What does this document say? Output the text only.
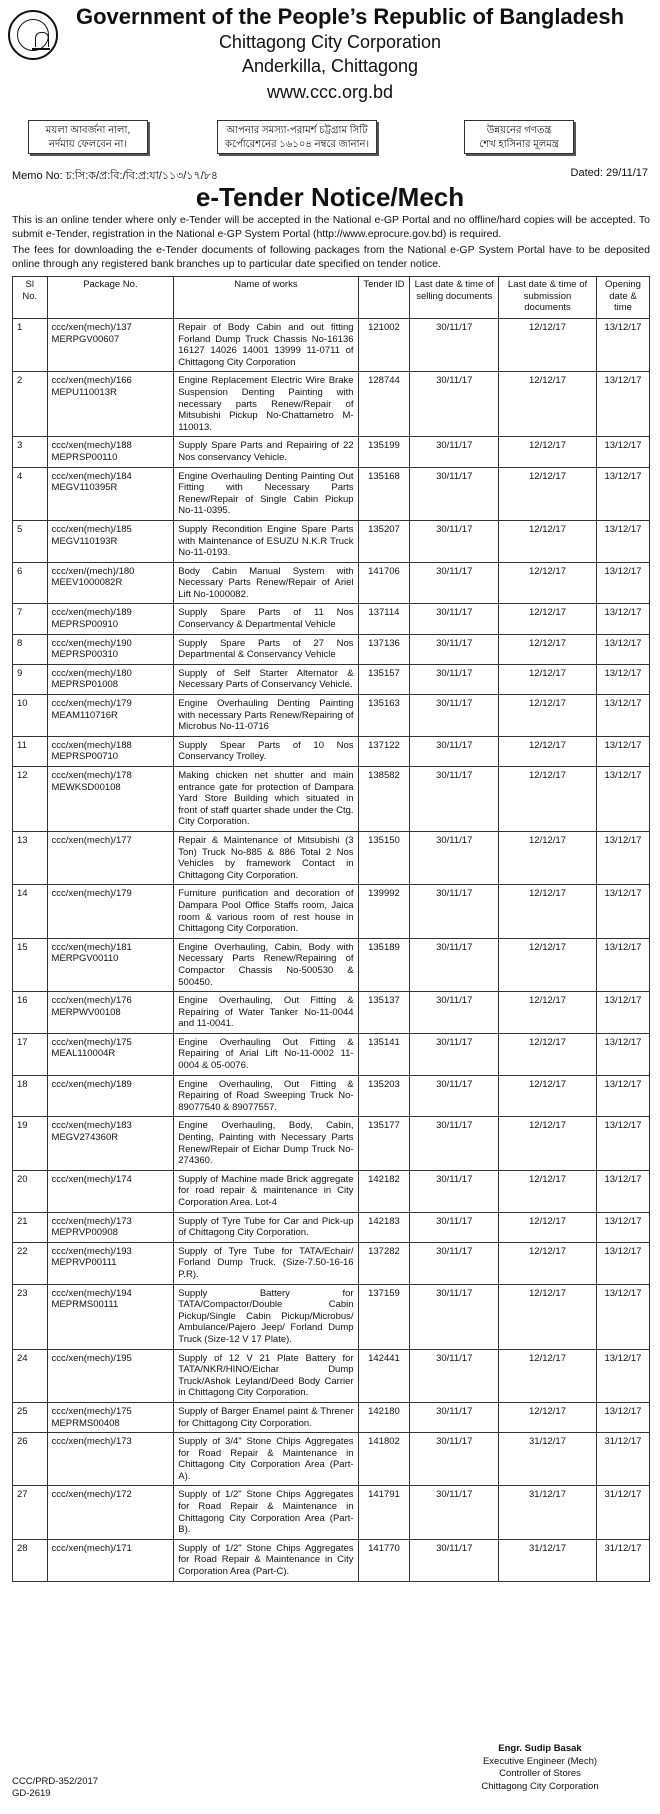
Government of the People’s Republic of Bangladesh
Chittagong City Corporation
Anderkilla, Chittagong
www.ccc.org.bd
ময়লা আবর্জনা নালা,
নর্দমায় ফেলবেন না।
আপনার সমস্যা-পরামর্শ চট্টগ্রাম সিটি
কর্পোরেশনের ১৬১০৪ নম্বরে জানান।
উন্নয়নের গণতন্ত্র
শেখ হাসিনার মূলমন্ত্র
Memo No: চ:সি:ক/প্র:বি:/বি:প্র:যা/১১৩/১৭/৮৪	Dated: 29/11/17
e-Tender Notice/Mech

This is an online tender where only e-Tender will be accepted in the National e-GP Portal and no offline/hard copies will be accepted. To submit e-Tender, registration in the National e-GP System Portal (http://www.eprocure.gov.bd) is required.

The fees for downloading the e-Tender documents of following packages from the National e-GP System Portal have to be deposited online through any registered bank branches up to particular date specified on tender notice.

Sl No.	Package No.	Name of works	Tender ID	Last date & time of selling documents	Last date & time of submission documents	Opening date & time
1	ccc/xen(mech)/137 MERPGV00607	Repair of Body Cabin and out fitting Forland Dump Truck Chassis No-16136 16127 14026 14001 13999 11-0711 of Chittagong City Corporation	121002	30/11/17	12/12/17	13/12/17
2	ccc/xen(mech)/166 MEPU110013R	Engine Replacement Electric Wire Brake Suspension Denting Painting with necessary parts Renew/Repair of Mitsubishi Pickup No-Chattametro M-110013.	128744	30/11/17	12/12/17	13/12/17
3	ccc/xen(mech)/188 MEPRSP00110	Supply Spare Parts and Repairing of 22 Nos conservancy Vehicle.	135199	30/11/17	12/12/17	13/12/17
4	ccc/xen(mech)/184 MEGV110395R	Engine Overhauling Denting Painting Out Fitting with Necessary Parts Renew/Repair of Single Cabin Pickup No-11-0395.	135168	30/11/17	12/12/17	13/12/17
5	ccc/xen(mech)/185 MEGV110193R	Supply Recondition Engine Spare Parts with Maintenance of ESUZU N.K.R Truck No-11-0193.	135207	30/11/17	12/12/17	13/12/17
6	ccc/xen/(mech)/180 MEEV1000082R	Body Cabin Manual System with Necessary Parts Renew/Repair of Ariel Lift No-1000082.	141706	30/11/17	12/12/17	13/12/17
7	ccc/xen(mech)/189 MEPRSP00910	Supply Spare Parts of 11 Nos Conservancy & Departmental Vehicle	137114	30/11/17	12/12/17	13/12/17
8	ccc/xen(mech)/190 MEPRSP00310	Supply Spare Parts of 27 Nos Departmental & Conservancy Vehicle	137136	30/11/17	12/12/17	13/12/17
9	ccc/xen(mech)/180 MEPRSP01008	Supply of Self Starter Alternator & Necessary Parts of Conservancy Vehicle.	135157	30/11/17	12/12/17	13/12/17
10	ccc/xen(mech)/179 MEAM110716R	Engine Overhauling Denting Painting with necessary Parts Renew/Repairing of Microbus No-11-0716	135163	30/11/17	12/12/17	13/12/17
11	ccc/xen(mech)/188 MEPRSP00710	Supply Spear Parts of 10 Nos Conservancy Trolley.	137122	30/11/17	12/12/17	13/12/17
12	ccc/xen(mech)/178 MEWKSD00108	Making chicken net shutter and main entrance gate for protection of Dampara Yard Store Building which situated in front of staff quarter shade under the Ctg. City Corporation.	138582	30/11/17	12/12/17	13/12/17
13	ccc/xen(mech)/177	Repair & Maintenance of Mitsubishi (3 Ton) Truck No-885 & 886 Total 2 Nos Vehicles by framework Contact in Chittagong City Corporation.	135150	30/11/17	12/12/17	13/12/17
14	ccc/xen(mech)/179	Furniture purification and decoration of Dampara Pool Office Staffs room, Jaica room & various room of rest house in Chittagong City Corporation.	139992	30/11/17	12/12/17	13/12/17
15	ccc/xen(mech)/181 MERPGV00110	Engine Overhauling, Cabin, Body with Necessary Parts Renew/Repairing of Compactor Chassis No-500530 & 500450.	135189	30/11/17	12/12/17	13/12/17
16	ccc/xen(mech)/176 MERPWV00108	Engine Overhauling, Out Fitting & Repairing of Water Tanker No-11-0044 and 11-0041.	135137	30/11/17	12/12/17	13/12/17
17	ccc/xen(mech)/175 MEAL110004R	Engine Overhauling Out Fitting & Repairing of Arial Lift No-11-0002 11-0004 & 05-0076.	135141	30/11/17	12/12/17	13/12/17
18	ccc/xen(mech)/189	Engine Overhauling, Out Fitting & Repairing of Road Sweeping Truck No-89077540 & 89077557.	135203	30/11/17	12/12/17	13/12/17
19	ccc/xen(mech)/183 MEGV274360R	Engine Overhauling, Body, Cabin, Denting, Painting with Necessary Parts Renew/Repair of Eichar Dump Truck No-274360.	135177	30/11/17	12/12/17	13/12/17
20	ccc/xen(mech)/174	Supply of Machine made Brick aggregate for road repair & maintenance in City Corporation Area. Lot-4	142182	30/11/17	12/12/17	13/12/17
21	ccc/xen(mech)/173 MEPRVP00908	Supply of Tyre Tube for Car and Pick-up of Chittagong City Corporation.	142183	30/11/17	12/12/17	13/12/17
22	ccc/xen(mech)/193 MEPRVP00111	Supply of Tyre Tube for TATA/Echair/ Forland Dump Truck. (Size-7.50-16-16 P.R).	137282	30/11/17	12/12/17	13/12/17
23	ccc/xen(mech)/194 MEPRMS00111	Supply Battery for TATA/Compactor/Double Cabin Pickup/Single Cabin Pickup/Microbus/ Ambulance/Pajero Jeep/ Forland Dump Truck (Size-12 V 17 Plate).	137159	30/11/17	12/12/17	13/12/17
24	ccc/xen(mech)/195	Supply of 12 V 21 Plate Battery for TATA/NKR/HINO/Eichar Dump Truck/Ashok Leyland/Deed Body Carrier in Chittagong City Corporation.	142441	30/11/17	12/12/17	13/12/17
25	ccc/xen(mech)/175 MEPRMS00408	Supply of Barger Enamel paint & Threner for Chittagong City Corporation.	142180	30/11/17	12/12/17	13/12/17
26	ccc/xen(mech)/173	Supply of 3/4" Stone Chips Aggregates for Road Repair & Maintenance in Chittagong City Corporation Area (Part-A).	141802	30/11/17	31/12/17	31/12/17
27	ccc/xen(mech)/172	Supply of 1/2" Stone Chips Aggregates for Road Repair & Maintenance in Chittagong City Corporation Area (Part-B).	141791	30/11/17	31/12/17	31/12/17
28	ccc/xen(mech)/171	Supply of 1/2" Stone Chips Aggregates for Road Repair & Maintenance in City Corporation Area (Part-C).	141770	30/11/17	31/12/17	31/12/17
Engr. Sudip Basak
Executive Engineer (Mech)
Controller of Stores
Chittagong City Corporation
CCC/PRD-352/2017
GD-2619
